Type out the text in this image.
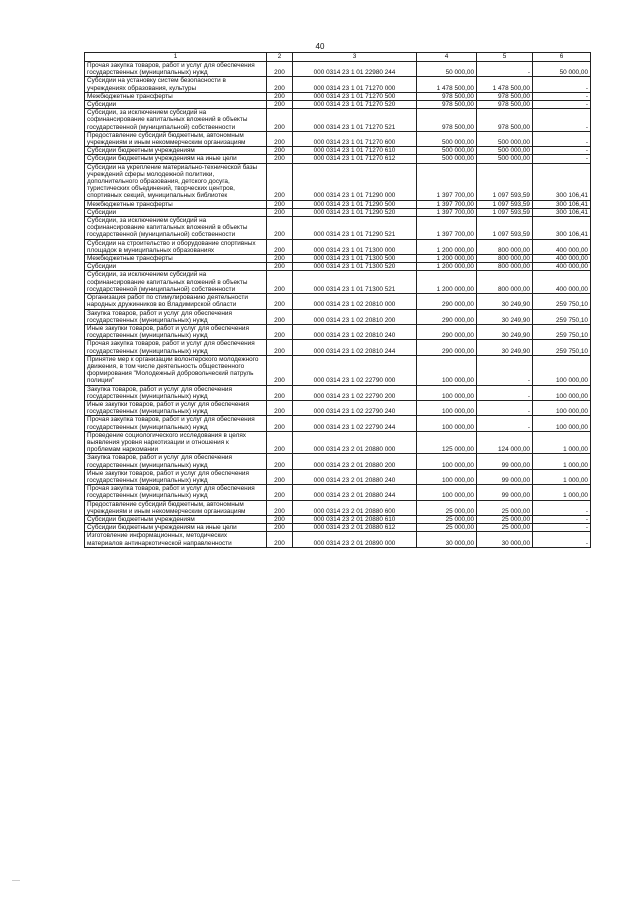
40
1	2	3	4	5	6
Прочая закупка товаров, работ и услуг для обеспечения государственных (муниципальных) нужд	200	000 0314 23 1 01 22980 244	50 000,00	-	50 000,00
Субсидии на установку систем безопасности в учреждениях образования, культуры	200	000 0314 23 1 01 71270 000	1 478 500,00	1 478 500,00	-
Межбюджетные трансферты	200	000 0314 23 1 01 71270 500	978 500,00	978 500,00	-
Субсидии	200	000 0314 23 1 01 71270 520	978 500,00	978 500,00	-
Субсидии, за исключением субсидий на софинансирование капитальных вложений в объекты государственной (муниципальной) собственности	200	000 0314 23 1 01 71270 521	978 500,00	978 500,00	-
Предоставление субсидий бюджетным, автономным учреждениям и иным некоммерческим организациям	200	000 0314 23 1 01 71270 600	500 000,00	500 000,00	-
Субсидии бюджетным учреждениям	200	000 0314 23 1 01 71270 610	500 000,00	500 000,00	-
Субсидии бюджетным учреждениям на иные цели	200	000 0314 23 1 01 71270 612	500 000,00	500 000,00	-
Субсидии на укрепление материально-технической базы учреждений сферы молодежной политики, дополнительного образования, детского досуга, туристических объединений, творческих центров, спортивных секций, муниципальных библиотек	200	000 0314 23 1 01 71290 000	1 397 700,00	1 097 593,59	300 106,41
Межбюджетные трансферты	200	000 0314 23 1 01 71290 500	1 397 700,00	1 097 593,59	300 106,41
Субсидии	200	000 0314 23 1 01 71290 520	1 397 700,00	1 097 593,59	300 106,41
Субсидии, за исключением субсидий на софинансирование капитальных вложений в объекты государственной (муниципальной) собственности	200	000 0314 23 1 01 71290 521	1 397 700,00	1 097 593,59	300 106,41
Субсидии на строительство и оборудование спортивных площадок в муниципальных образованиях	200	000 0314 23 1 01 71300 000	1 200 000,00	800 000,00	400 000,00
Межбюджетные трансферты	200	000 0314 23 1 01 71300 500	1 200 000,00	800 000,00	400 000,00
Субсидии	200	000 0314 23 1 01 71300 520	1 200 000,00	800 000,00	400 000,00
Субсидии, за исключением субсидий на софинансирование капитальных вложений в объекты государственной (муниципальной) собственности	200	000 0314 23 1 01 71300 521	1 200 000,00	800 000,00	400 000,00
Организация работ по стимулированию деятельности народных дружинников во Владимирской области	200	000 0314 23 1 02 20810 000	290 000,00	30 249,90	259 750,10
Закупка товаров, работ и услуг для обеспечения государственных (муниципальных) нужд	200	000 0314 23 1 02 20810 200	290 000,00	30 249,90	259 750,10
Иные закупки товаров, работ и услуг для обеспечения государственных (муниципальных) нужд	200	000 0314 23 1 02 20810 240	290 000,00	30 249,90	259 750,10
Прочая закупка товаров, работ и услуг для обеспечения государственных (муниципальных) нужд	200	000 0314 23 1 02 20810 244	290 000,00	30 249,90	259 750,10
Принятие мер к организации волонтерского молодежного движения, в том числе деятельность общественного формирования "Молодежный добровольческий патруль полиции"	200	000 0314 23 1 02 22790 000	100 000,00	-	100 000,00
Закупка товаров, работ и услуг для обеспечения государственных (муниципальных) нужд	200	000 0314 23 1 02 22790 200	100 000,00	-	100 000,00
Иные закупки товаров, работ и услуг для обеспечения государственных (муниципальных) нужд	200	000 0314 23 1 02 22790 240	100 000,00	-	100 000,00
Прочая закупка товаров, работ и услуг для обеспечения государственных (муниципальных) нужд	200	000 0314 23 1 02 22790 244	100 000,00	-	100 000,00
Проведение социологического исследования в целях выявления уровня наркотизации и отношения к проблемам наркомании	200	000 0314 23 2 01 20880 000	125 000,00	124 000,00	1 000,00
Закупка товаров, работ и услуг для обеспечения государственных (муниципальных) нужд	200	000 0314 23 2 01 20880 200	100 000,00	99 000,00	1 000,00
Иные закупки товаров, работ и услуг для обеспечения государственных (муниципальных) нужд	200	000 0314 23 2 01 20880 240	100 000,00	99 000,00	1 000,00
Прочая закупка товаров, работ и услуг для обеспечения государственных (муниципальных) нужд	200	000 0314 23 2 01 20880 244	100 000,00	99 000,00	1 000,00
Предоставление субсидий бюджетным, автономным учреждениям и иным некоммерческим организациям	200	000 0314 23 2 01 20880 600	25 000,00	25 000,00	-
Субсидии бюджетным учреждениям	200	000 0314 23 2 01 20880 610	25 000,00	25 000,00	-
Субсидии бюджетным учреждениям на иные цели	200	000 0314 23 2 01 20880 612	25 000,00	25 000,00	-
Изготовление информационных, методических материалов антинаркотической направленности	200	000 0314 23 2 01 20890 000	30 000,00	30 000,00	-
